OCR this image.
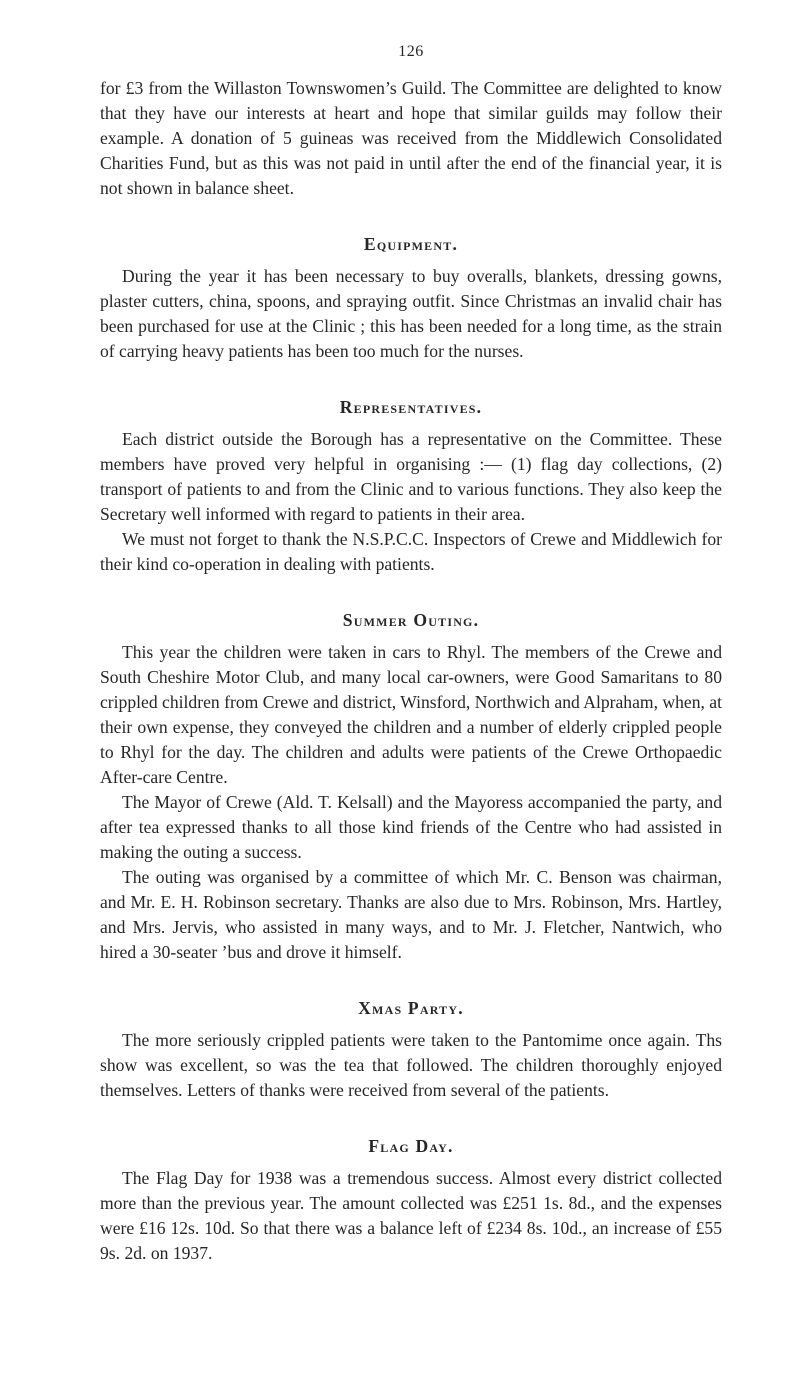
126

for £3 from the Willaston Townswomen’s Guild. The Committee are delighted to know that they have our interests at heart and hope that similar guilds may follow their example. A donation of 5 guineas was received from the Middlewich Consolidated Charities Fund, but as this was not paid in until after the end of the financial year, it is not shown in balance sheet.

Equipment.

During the year it has been necessary to buy overalls, blankets, dressing gowns, plaster cutters, china, spoons, and spraying outfit. Since Christmas an invalid chair has been purchased for use at the Clinic ; this has been needed for a long time, as the strain of carrying heavy patients has been too much for the nurses.

Representatives.

Each district outside the Borough has a representative on the Committee. These members have proved very helpful in organising :— (1) flag day collections, (2) transport of patients to and from the Clinic and to various functions. They also keep the Secretary well informed with regard to patients in their area.

We must not forget to thank the N.S.P.C.C. Inspectors of Crewe and Middlewich for their kind co-operation in dealing with patients.

Summer Outing.

This year the children were taken in cars to Rhyl. The members of the Crewe and South Cheshire Motor Club, and many local car-owners, were Good Samaritans to 80 crippled children from Crewe and district, Winsford, Northwich and Alpraham, when, at their own expense, they conveyed the children and a number of elderly crippled people to Rhyl for the day. The children and adults were patients of the Crewe Orthopaedic After-care Centre.

The Mayor of Crewe (Ald. T. Kelsall) and the Mayoress accompanied the party, and after tea expressed thanks to all those kind friends of the Centre who had assisted in making the outing a success.

The outing was organised by a committee of which Mr. C. Benson was chairman, and Mr. E. H. Robinson secretary. Thanks are also due to Mrs. Robinson, Mrs. Hartley, and Mrs. Jervis, who assisted in many ways, and to Mr. J. Fletcher, Nantwich, who hired a 30-seater ’bus and drove it himself.

Xmas Party.

The more seriously crippled patients were taken to the Pantomime once again. Ths show was excellent, so was the tea that followed. The children thoroughly enjoyed themselves. Letters of thanks were received from several of the patients.

Flag Day.

The Flag Day for 1938 was a tremendous success. Almost every district collected more than the previous year. The amount collected was £251 1s. 8d., and the expenses were £16 12s. 10d. So that there was a balance left of £234 8s. 10d., an increase of £55 9s. 2d. on 1937.
